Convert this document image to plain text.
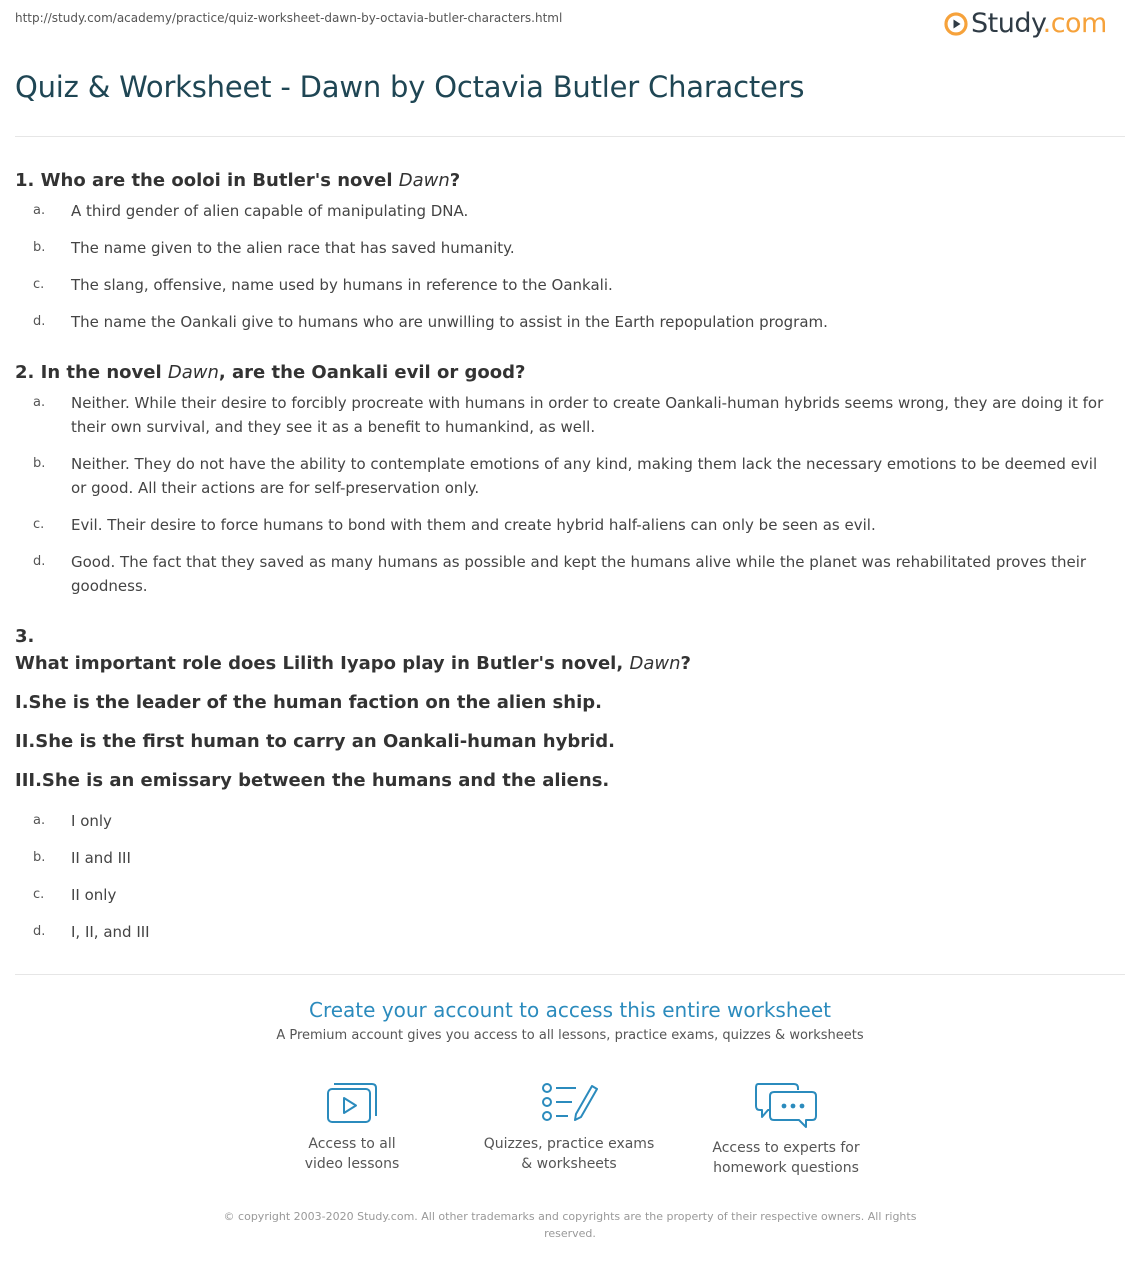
http://study.com/academy/practice/quiz-worksheet-dawn-by-octavia-butler-characters.html	Study.com
Quiz & Worksheet - Dawn by Octavia Butler Characters
1. Who are the ooloi in Butler's novel Dawn?
a.	A third gender of alien capable of manipulating DNA.
b.	The name given to the alien race that has saved humanity.
c.	The slang, offensive, name used by humans in reference to the Oankali.
d.	The name the Oankali give to humans who are unwilling to assist in the Earth repopulation program.
2. In the novel Dawn, are the Oankali evil or good?
a.	Neither. While their desire to forcibly procreate with humans in order to create Oankali-human hybrids seems wrong, they are doing it for their own survival, and they see it as a benefit to humankind, as well.
b.	Neither. They do not have the ability to contemplate emotions of any kind, making them lack the necessary emotions to be deemed evil or good. All their actions are for self-preservation only.
c.	Evil. Their desire to force humans to bond with them and create hybrid half-aliens can only be seen as evil.
d.	Good. The fact that they saved as many humans as possible and kept the humans alive while the planet was rehabilitated proves their goodness.
3.
What important role does Lilith Iyapo play in Butler's novel, Dawn?
I.She is the leader of the human faction on the alien ship.
II.She is the first human to carry an Oankali-human hybrid.
III.She is an emissary between the humans and the aliens.
a.	I only
b.	II and III
c.	II only
d.	I, II, and III
Create your account to access this entire worksheet
A Premium account gives you access to all lessons, practice exams, quizzes & worksheets
Access to all
video lessons
Quizzes, practice exams
& worksheets
Access to experts for
homework questions
© copyright 2003-2020 Study.com. All other trademarks and copyrights are the property of their respective owners. All rights reserved.
